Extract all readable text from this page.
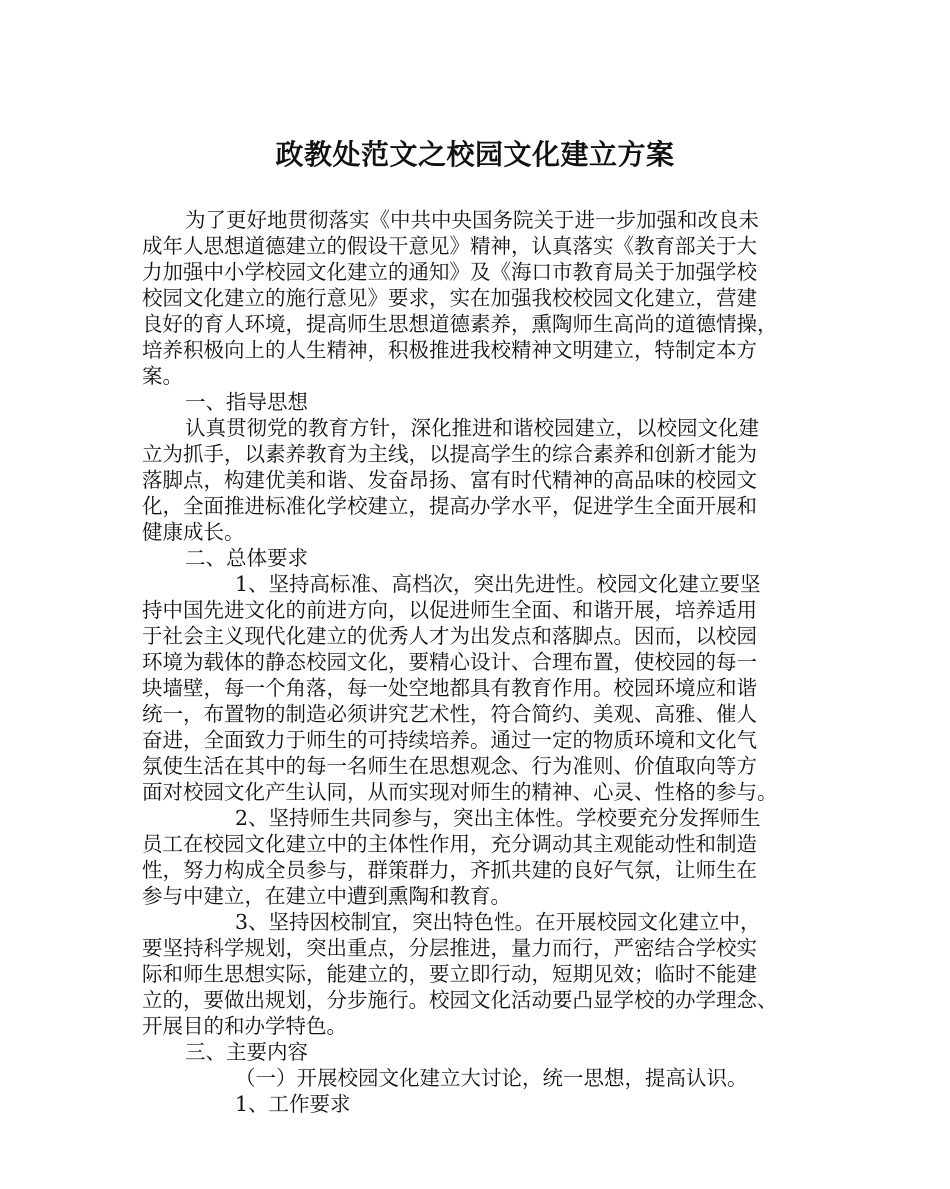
政教处范文之校园文化建立方案
为了更好地贯彻落实《中共中央国务院关于进一步加强和改良未
成年人思想道德建立的假设干意见》精神，认真落实《教育部关于大
力加强中小学校园文化建立的通知》及《海口市教育局关于加强学校
校园文化建立的施行意见》要求，实在加强我校校园文化建立，营建
良好的育人环境，提高师生思想道德素养，熏陶师生高尚的道德情操，
培养积极向上的人生精神，积极推进我校精神文明建立，特制定本方
案。
一、指导思想
认真贯彻党的教育方针，深化推进和谐校园建立，以校园文化建
立为抓手，以素养教育为主线，以提高学生的综合素养和创新才能为
落脚点，构建优美和谐、发奋昂扬、富有时代精神的高品味的校园文
化，全面推进标准化学校建立，提高办学水平，促进学生全面开展和
健康成长。
二、总体要求
1、坚持高标准、高档次，突出先进性。校园文化建立要坚
持中国先进文化的前进方向，以促进师生全面、和谐开展，培养适用
于社会主义现代化建立的优秀人才为出发点和落脚点。因而，以校园
环境为载体的静态校园文化，要精心设计、合理布置，使校园的每一
块墙壁，每一个角落，每一处空地都具有教育作用。校园环境应和谐
统一，布置物的制造必须讲究艺术性，符合简约、美观、高雅、催人
奋进，全面致力于师生的可持续培养。通过一定的物质环境和文化气
氛使生活在其中的每一名师生在思想观念、行为准则、价值取向等方
面对校园文化产生认同，从而实现对师生的精神、心灵、性格的参与。
2、坚持师生共同参与，突出主体性。学校要充分发挥师生
员工在校园文化建立中的主体性作用，充分调动其主观能动性和制造
性，努力构成全员参与，群策群力，齐抓共建的良好气氛，让师生在
参与中建立，在建立中遭到熏陶和教育。
3、坚持因校制宜，突出特色性。在开展校园文化建立中，
要坚持科学规划，突出重点，分层推进，量力而行，严密结合学校实
际和师生思想实际，能建立的，要立即行动，短期见效；临时不能建
立的，要做出规划，分步施行。校园文化活动要凸显学校的办学理念、
开展目的和办学特色。
三、主要内容
（一）开展校园文化建立大讨论，统一思想，提高认识。
1、工作要求
